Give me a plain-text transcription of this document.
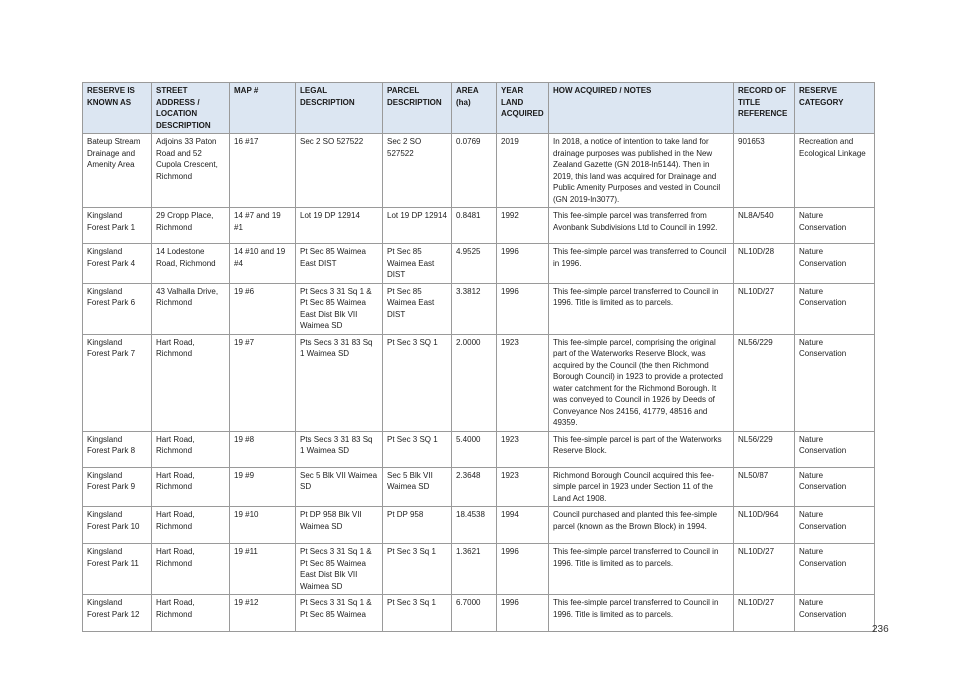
RESERVE IS KNOWN AS	STREET ADDRESS / LOCATION DESCRIPTION	MAP #	LEGAL DESCRIPTION	PARCEL DESCRIPTION	AREA (ha)	YEAR LAND ACQUIRED	HOW ACQUIRED / NOTES	RECORD OF TITLE REFERENCE	RESERVE CATEGORY
Bateup Stream Drainage and Amenity Area	Adjoins 33 Paton Road and 52 Cupola Crescent, Richmond	16 #17	Sec 2 SO 527522	Sec 2 SO 527522	0.0769	2019	In 2018, a notice of intention to take land for drainage purposes was published in the New Zealand Gazette (GN 2018-ln5144). Then in 2019, this land was acquired for Drainage and Public Amenity Purposes and vested in Council (GN 2019-ln3077).	901653	Recreation and Ecological Linkage
Kingsland Forest Park 1	29 Cropp Place, Richmond	14 #7 and 19 #1	Lot 19 DP 12914	Lot 19 DP 12914	0.8481	1992	This fee-simple parcel was transferred from Avonbank Subdivisions Ltd to Council in 1992.	NL8A/540	Nature Conservation
Kingsland Forest Park 4	14 Lodestone Road, Richmond	14 #10 and 19 #4	Pt Sec 85 Waimea East DIST	Pt Sec 85 Waimea East DIST	4.9525	1996	This fee-simple parcel was transferred to Council in 1996.	NL10D/28	Nature Conservation
Kingsland Forest Park 6	43 Valhalla Drive, Richmond	19 #6	Pt Secs 3 31 Sq 1 & Pt Sec 85 Waimea East Dist Blk VII Waimea SD	Pt Sec 85 Waimea East DIST	3.3812	1996	This fee-simple parcel transferred to Council in 1996. Title is limited as to parcels.	NL10D/27	Nature Conservation
Kingsland Forest Park 7	Hart Road, Richmond	19 #7	Pts Secs 3 31 83 Sq 1 Waimea SD	Pt Sec 3 SQ 1	2.0000	1923	This fee-simple parcel, comprising the original part of the Waterworks Reserve Block, was acquired by the Council (the then Richmond Borough Council) in 1923 to provide a protected water catchment for the Richmond Borough. It was conveyed to Council in 1926 by Deeds of Conveyance Nos 24156, 41779, 48516 and 49359.	NL56/229	Nature Conservation
Kingsland Forest Park 8	Hart Road, Richmond	19 #8	Pts Secs 3 31 83 Sq 1 Waimea SD	Pt Sec 3 SQ 1	5.4000	1923	This fee-simple parcel is part of the Waterworks Reserve Block.	NL56/229	Nature Conservation
Kingsland Forest Park 9	Hart Road, Richmond	19 #9	Sec 5 Blk VII Waimea SD	Sec 5 Blk VII Waimea SD	2.3648	1923	Richmond Borough Council acquired this fee-simple parcel in 1923 under Section 11 of the Land Act 1908.	NL50/87	Nature Conservation
Kingsland Forest Park 10	Hart Road, Richmond	19 #10	Pt DP 958 Blk VII Waimea SD	Pt DP 958	18.4538	1994	Council purchased and planted this fee-simple parcel (known as the Brown Block) in 1994.	NL10D/964	Nature Conservation
Kingsland Forest Park 11	Hart Road, Richmond	19 #11	Pt Secs 3 31 Sq 1 & Pt Sec 85 Waimea East Dist Blk VII Waimea SD	Pt Sec 3 Sq 1	1.3621	1996	This fee-simple parcel transferred to Council in 1996. Title is limited as to parcels.	NL10D/27	Nature Conservation
Kingsland Forest Park 12	Hart Road, Richmond	19 #12	Pt Secs 3 31 Sq 1 & Pt Sec 85 Waimea	Pt Sec 3 Sq 1	6.7000	1996	This fee-simple parcel transferred to Council in 1996. Title is limited as to parcels.	NL10D/27	Nature Conservation
236
